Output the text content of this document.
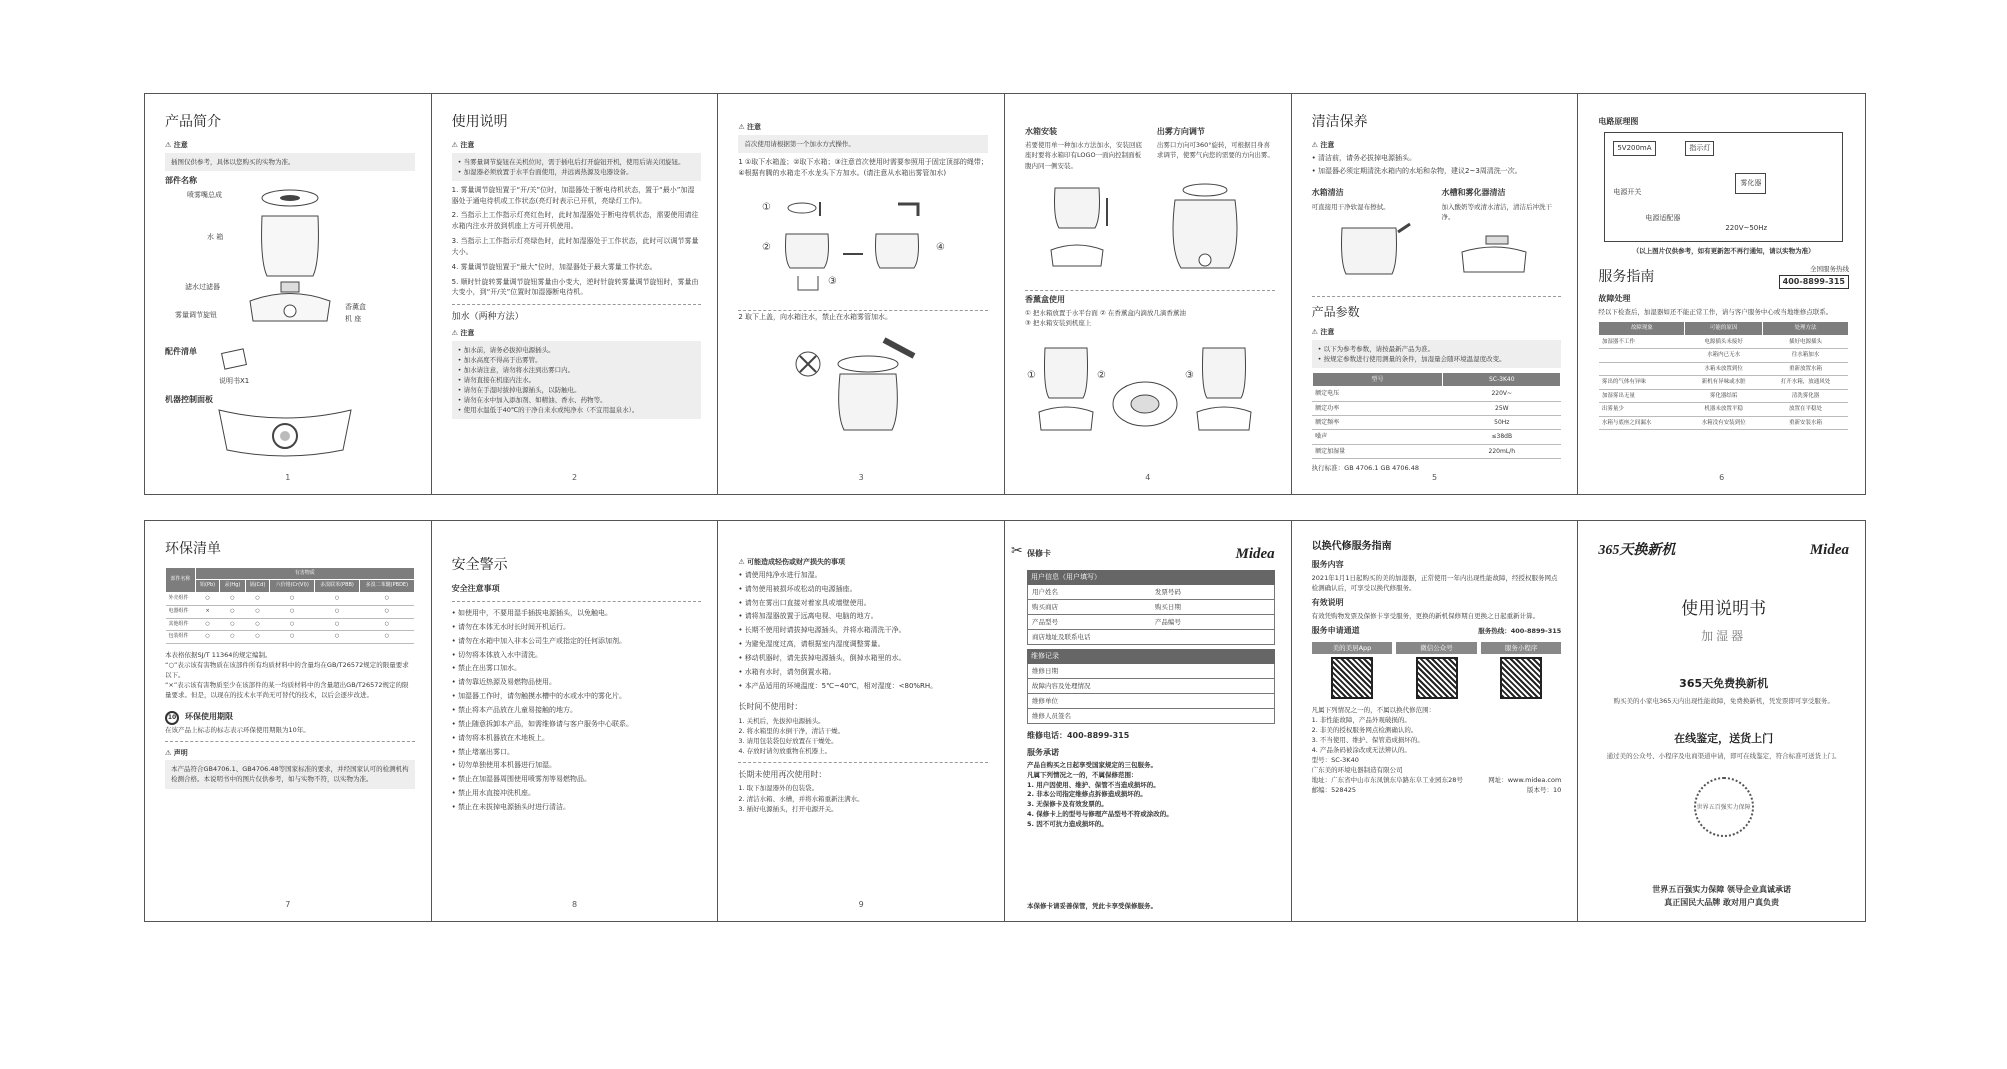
产品简介
⚠ 注意
插图仅供参考，具体以您购买的实物为准。
部件名称
喷雾嘴总成
水 箱
滤水过滤器
雾量调节旋钮
香薰盒
机 座
配件清单
说明书X1
机器控制面板
1
使用说明
⚠ 注意
• 当雾量调节旋钮在关机位时，需于插电后打开旋钮开机，使用后请关闭旋钮。
• 加湿器必须放置于水平台面使用，并远离热源及电器设备。
1. 雾量调节旋钮置于“开/关”位时，加湿器处于断电待机状态，置于“最小”加湿器处于通电待机或工作状态(亮灯时表示已开机，亮绿灯工作)。
2. 当指示上工作指示灯亮红色时，此时加湿器处于断电待机状态，需要使用请往水箱内注水并放到机座上方可开机使用。
3. 当指示上工作指示灯亮绿色时，此时加湿器处于工作状态，此时可以调节雾量大小。
4. 雾量调节旋钮置于“最大”位时，加湿器处于最大雾量工作状态。
5. 顺时针旋转雾量调节旋钮雾量由小变大，逆时针旋转雾量调节旋钮时，雾量由大变小，到“开/关”位置时加湿器断电待机。
加水（两种方法）
⚠ 注意
• 加水前，请务必拔掉电源插头。
• 加水高度不得高于出雾管。
• 加水请注意，请勿将水注到出雾口内。
• 请勿直接在机座内注水。
• 请勿在手湿时拔掉电源插头，以防触电。
• 请勿在水中加入添加剂、如精油、香水、药物等。
• 使用水温低于40℃的干净自来水或纯净水（不宜用温泉水）。
2
⚠ 注意
首次使用请根据第一个加水方式操作。

1 ①取下水箱盖；②取下水箱；③注意首次使用时需要参照用于固定顶部的绳带；④根据有腾的水箱走不水龙头下方加水。(请注意从水箱出雾管加水)

①
②
③
④

2 取下上盖，向水箱注水，禁止在水箱雾管加水。

3
水箱安装

若要使用单一种加水方法加水，安装回底座时要将水箱印有LOGO一面向控制面板腹内同一侧安装。

出雾方向调节

出雾口方向可360°旋转，可根据目身喜求调节，使雾气向您的需要的方向出雾。

香薰盒使用

① 把水箱放置于水平台面 ② 在香薰盒内滴放几滴香薰油

③ 把水箱安装到机座上

①	②	③
4
清洁保养
⚠ 注意
• 清洁前，请务必拔掉电源插头。
• 加湿器必须定期清洗水箱内的水垢和杂物，建议2~3周清洗一次。
水箱清洁

可直接用干净软湿布擦拭。

水槽和雾化器清洁

加入酸奶等或清水清洁，清洁后冲洗干净。

产品参数
⚠ 注意
• 以下为参考参数，请按最新产品为准。
• 按规定参数进行使用测量的条件，加湿量会随环境温湿度改变。
型号	SC-3K40
额定电压	220V~
额定功率	25W
额定频率	50Hz
噪声	≤38dB
额定加湿量	220mL/h

执行标准：GB 4706.1 GB 4706.48

5
电路原理图
5V200mA	指示灯
电源开关
雾化器
电源适配器
220V~50Hz

（以上图片仅供参考，如有更新恕不再行通知，请以实物为准）

服务指南	全国服务热线
400-8899-315
故障处理

经以下检查后，加湿器如还不能正常工作，请与客户服务中心或当地维修点联系。

故障现象	可能的原因	处理方法
加湿器不工作	电源插头未接好	插好电源插头
	水箱内已无水	往水箱加水
	水箱未放置到位	重新放置水箱
雾出的气体有异味	新机有异味或水脏	打开水箱，放通风处
加湿雾出无量	雾化器结垢	清洗雾化器
出雾量少	机器未放置平稳	放置在平稳处
水箱与底座之间漏水	水箱没有安装到位	重新安装水箱
6
环保清单
部件名称	有害物质					
	铅(Pb)	汞(Hg)	镉(Cd)	六价铬(Cr(VI))	多溴联苯(PBB)	多溴二苯醚(PBDE)
外壳组件	○	○	○	○	○	○
电器组件	×	○	○	○	○	○
其他组件	○	○	○	○	○	○
包装组件	○	○	○	○	○	○

本表格依据SJ/T 11364的规定编制。

“○”表示该有害物质在该部件所有均质材料中的含量均在GB/T26572规定的限量要求以下。

“×”表示该有害物质至少在该部件的某一均质材料中的含量超出GB/T26572规定的限量要求。但是，以现在的技术水平尚无可替代的技术，以后会逐步改进。

10	环保使用期限

在该产品上标志的标志表示环保使用期限为10年。

⚠ 声明
本产品符合GB4706.1、GB4706.48等国家标准的要求，并经国家认可的检测机构检测合格。本说明书中的图片仅供参考，如与实物不符，以实物为准。
7
安全警示
安全注意事项
• 如使用中，不要用湿手插拔电源插头，以免触电。
• 请勿在本体无水时长时间开机运行。
• 请勿在水箱中加入非本公司生产或指定的任何添加剂。
• 切勿将本体放入水中清洗。
• 禁止在出雾口加水。
• 请勿靠近热源及易燃物品使用。
• 加湿器工作时，请勿触摸水槽中的水或水中的雾化片。
• 禁止将本产品放在儿童易接触的地方。
• 禁止随意拆卸本产品，如需维修请与客户服务中心联系。
• 请勿将本机器放在木地板上。
• 禁止堵塞出雾口。
• 切勿单独使用本机器进行加湿。
• 禁止在加湿器周围使用喷雾剂等易燃物品。
• 禁止用水直接冲洗机座。
• 禁止在未拔掉电源插头时进行清洁。
8
⚠ 可能造成轻伤或财产损失的事项
• 请使用纯净水进行加湿。
• 请勿使用被损坏或松动的电源插座。
• 请勿在雾出口直接对着家具或墙壁使用。
• 请将加湿器放置于远离电视、电脑的地方。
• 长期不使用时请拔掉电源插头，并将水箱清洗干净。
• 为避免湿度过高，请根据室内湿度调整雾量。
• 移动机器时，请先拔掉电源插头，倒掉水箱里的水。
• 水箱有水时，请勿倒置水箱。
• 本产品适用的环境温度：5℃~40℃，相对湿度：<80%RH。
长时间不使用时：
1. 关机后，先拔掉电源插头。
2. 将水箱里的水倒干净，清洁干燥。
3. 请用包装袋包好放置在干燥处。
4. 存放时请勿放重物在机器上。
长期未使用再次使用时：
1. 取下加湿器外的包装袋。
2. 清洁水箱、水槽，并将水箱重新注满水。
3. 插好电源插头，打开电源开关。
9
✂ 保修卡	Midea
用户信息（用户填写）
用户姓名	发票号码
购买商店	购买日期
产品型号	产品编号
商店地址及联系电话
维修记录
维修日期
故障内容及处理情况
维修单位
维修人员签名
维修电话：400-8899-315
服务承诺

产品自购买之日起享受国家规定的三包服务。

凡属下列情况之一的，不属保修范围：

1. 用户因使用、维护、保管不当造成损坏的。

2. 非本公司指定维修点拆修造成损坏的。

3. 无保修卡及有效发票的。

4. 保修卡上的型号与修理产品型号不符或涂改的。

5. 因不可抗力造成损坏的。

本保修卡请妥善保管，凭此卡享受保修服务。

以换代修服务指南
服务内容

2021年1月1日起购买的美的加湿器，正常使用一年内出现性能故障，经授权服务网点检测确认后，可享受以换代修服务。

有效说明

有效凭购物发票及保修卡享受服务，更换的新机保修期自更换之日起重新计算。

服务申请通道	服务热线：400-8899-315
美的美居App	微信公众号	服务小程序

凡属下列情况之一的，不属以换代修范围：

1. 非性能故障，产品外观破损的。
2. 非美的授权服务网点检测确认的。
3. 不当使用、维护、保管造成损坏的。
4. 产品条码被涂改或无法辨认的。

型号：SC-3K40

广东美的环境电器制造有限公司

地址：广东省中山市东凤镇东阜路东阜工业园东28号	网址：www.midea.com
邮编：528425	版本号：10
365天换新机	Midea
使用说明书
加湿器
365天免费换新机
购买美的小家电365天内出现性能故障，免费换新机，凭发票即可享受服务。
在线鉴定，送货上门
通过美的公众号、小程序及电商渠道申请，即可在线鉴定，符合标准可送货上门。
世界五百强实力保障
世界五百强实力保障 领导企业真诚承诺
真正国民大品牌 敢对用户真负责
